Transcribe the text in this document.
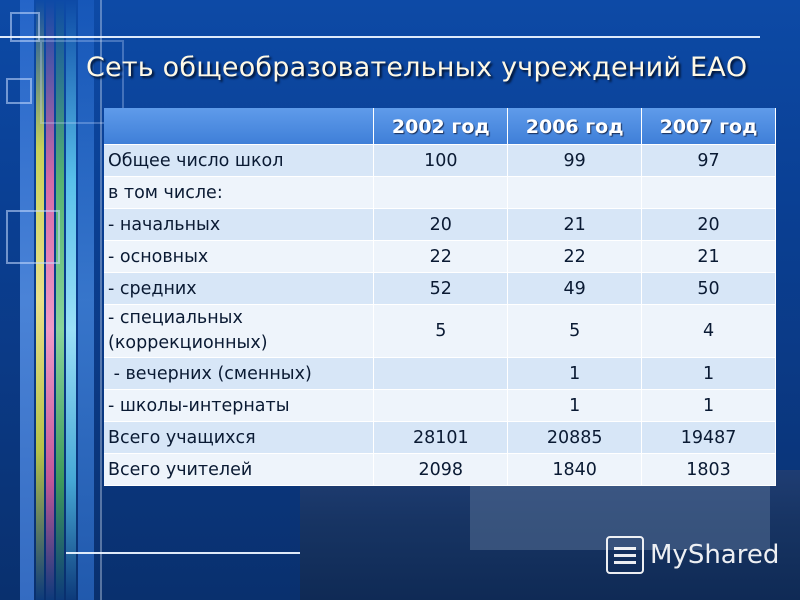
Сеть общеобразовательных учреждений ЕАО
	2002 год	2006 год	2007 год
Общее число школ	100	99	97
в том числе:			
- начальных	20	21	20
- основных	22	22	21
- средних	52	49	50
- специальных (коррекционных)	5	5	4
- вечерних (сменных)		1	1
- школы-интернаты		1	1
Всего учащихся	28101	20885	19487
Всего учителей	2098	1840	1803
MyShared
